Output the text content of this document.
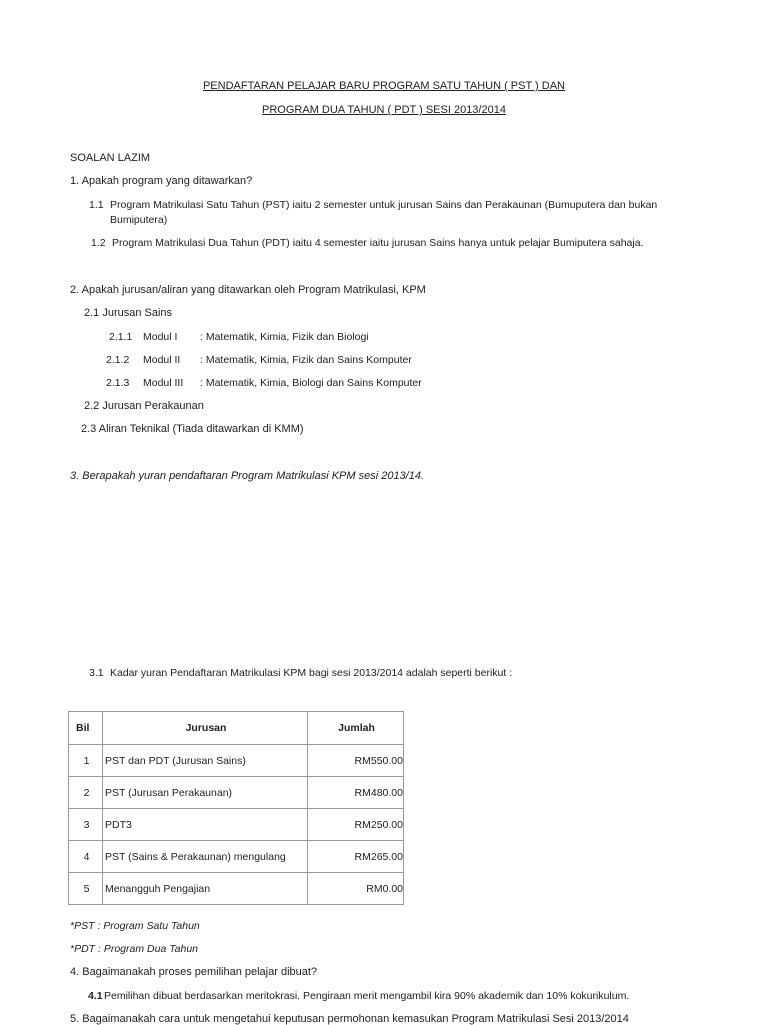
PENDAFTARAN PELAJAR BARU PROGRAM SATU TAHUN ( PST ) DAN
PROGRAM DUA TAHUN ( PDT ) SESI 2013/2014
SOALAN LAZIM
1. Apakah program yang ditawarkan?
1.1 Program Matrikulasi Satu Tahun (PST) iaitu 2 semester untuk jurusan Sains dan Perakaunan (Bumuputera dan bukan
Bumiputera)
1.2 Program Matrikulasi Dua Tahun (PDT) iaitu 4 semester iaitu jurusan Sains hanya untuk pelajar Bumiputera sahaja.
2. Apakah jurusan/aliran yang ditawarkan oleh Program Matrikulasi, KPM
2.1 Jurusan Sains
2.1.1 Modul I : Matematik, Kimia, Fizik dan Biologi
2.1.2 Modul II : Matematik, Kimia, Fizik dan Sains Komputer
2.1.3 Modul III : Matematik, Kimia, Biologi dan Sains Komputer
2.2 Jurusan Perakaunan
2.3 Aliran Teknikal (Tiada ditawarkan di KMM)
3. Berapakah yuran pendaftaran Program Matrikulasi KPM sesi 2013/14.
3.1 Kadar yuran Pendaftaran Matrikulasi KPM bagi sesi 2013/2014 adalah seperti berikut :
Bil	Jurusan	Jumlah
1	PST dan PDT (Jurusan Sains)	RM550.00
2	PST (Jurusan Perakaunan)	RM480.00
3	PDT3	RM250.00
4	PST (Sains & Perakaunan) mengulang	RM265.00
5	Menangguh Pengajian	RM0.00
*PST : Program Satu Tahun
*PDT : Program Dua Tahun
4. Bagaimanakah proses pemilihan pelajar dibuat?
4.1 Pemilihan dibuat berdasarkan meritokrasi. Pengiraan merit mengambil kira 90% akademik dan 10% kokurikulum.
5. Bagaimanakah cara untuk mengetahui keputusan permohonan kemasukan Program Matrikulasi Sesi 2013/2014
